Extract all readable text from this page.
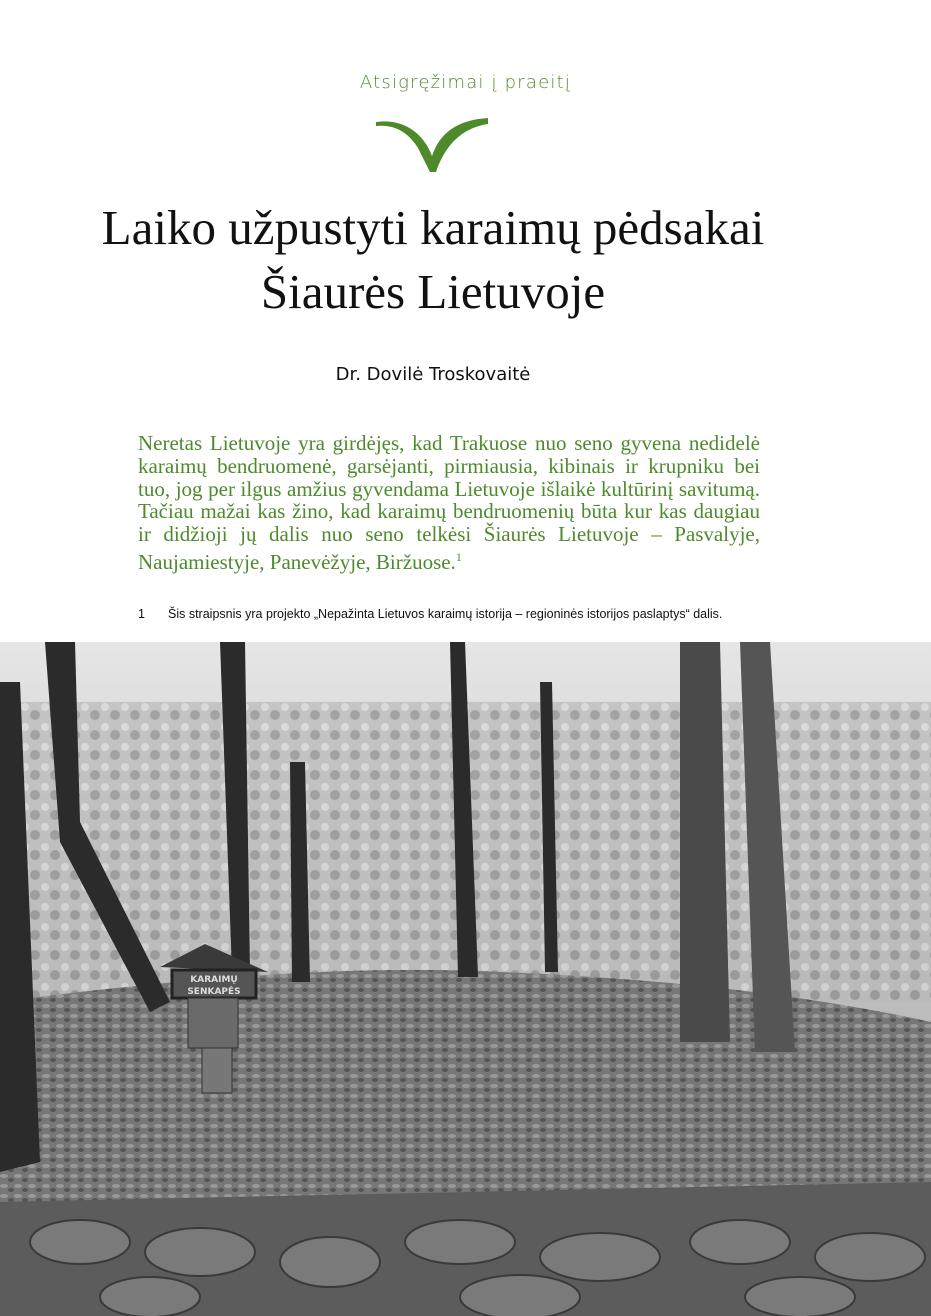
Atsigręžimai į praeitį
Laiko užpustyti karaimų pėdsakai
Šiaurės Lietuvoje
Dr. Dovilė Troskovaitė
Neretas Lietuvoje yra girdėjęs, kad Trakuose nuo seno gyvena nedidelė karaimų bendruomenė, garsėjanti, pirmiausia, kibinais ir krupniku bei tuo, jog per ilgus amžius gyvendama Lietuvoje išlaikė kultūrinį savitumą. Tačiau mažai kas žino, kad karaimų bendruomenių būta kur kas daugiau ir didžioji jų dalis nuo seno telkėsi Šiaurės Lietuvoje – Pasvalyje, Naujamiestyje, Panevėžyje, Biržuose.$^1$
1	Šis straipsnis yra projekto „Nepažinta Lietuvos karaimų istorija – regioninės istorijos paslaptys“ dalis.
KARAIMŲ
SENKAPĖS
